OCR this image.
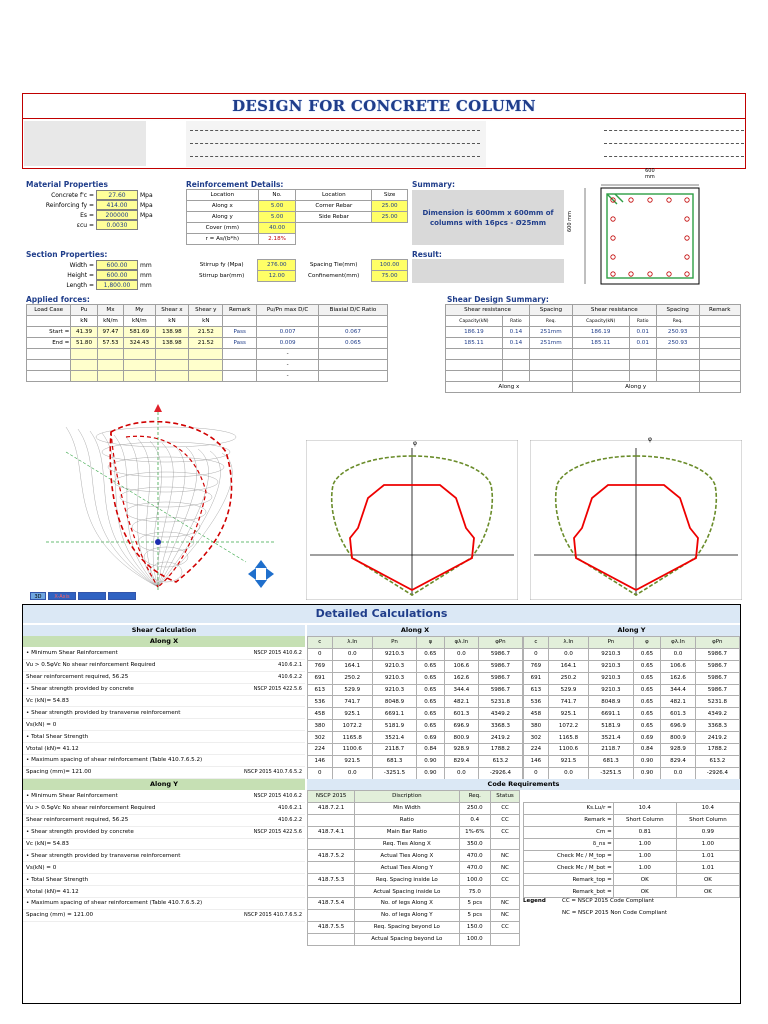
DESIGN FOR CONCRETE COLUMN
Material Properties
Concrete f'c =	27.60	Mpa
Reinforcing fy =	414.00	Mpa
Es =	200000	Mpa
εcu =	0.0030
Reinforcement Details:
Location	No.	Location	Size
Along x	5.00	Corner Rebar	25.00
Along y	5.00	Side Rebar	25.00
Cover (mm)	40.00		
r = As/(b*h)	2.18%		
Summary:
Dimension is 600mm x 600mm of columns with 16pcs - Ø25mm
600
mm
600 mm
Section Properties:
Width =	600.00	mm
Height =	600.00	mm
Length =	1,800.00	mm
Stirrup fy (Mpa)	276.00	Spacing Tie(mm)	100.00
Stirrup bar(mm)	12.00	Confinement(mm)	75.00
Result:
Applied forces:
Load Case	Pu	Mx	My	Shear x	Shear y	Remark	Pu/Pn max D/C	Biaxial D/C Ratio
	kN	kN/m	kN/m	kN	kN			
Start =	41.39	97.47	581.69	138.98	21.52	Pass	0.007	0.067
End =	51.80	57.53	324.43	138.98	21.52	Pass	0.009	0.065
							-	
							-	
							-	
Shear Design Summary:
Shear resistance		Spacing	Shear resistance		Spacing	Remark
Capacity(kN)	Ratio	Req.	Capacity(kN)	Ratio	Req.	
186.19	0.14	251mm	186.19	0.01	250.93	
185.11	0.14	251mm	185.11	0.01	250.93	

Along x			Along y			
3D	X-Axis
φ
φ
Detailed Calculations
Shear Calculation
Along X
• Minimum Shear Reinforcement	NSCP 2015 410.6.2
Vu > 0.5φVc No shear reinforcement Required	410.6.2.1
Shear reinforcement required, 56.25	410.6.2.2
• Shear strength provided by concrete	NSCP 2015 422.5.6
Vc (kN)= 54.83
• Shear strength provided by transverse reinforcement
Vs(kN) = 0
• Total Shear Strength
Vtotal (kN)= 41.12
• Maximum spacing of shear reinforcement (Table 410.7.6.5.2)
Spacing (mm)= 121.00	NSCP 2015 410.7.6.5.2
Along Y
• Minimum Shear Reinforcement	NSCP 2015 410.6.2
Vu > 0.5φVc No shear reinforcement Required	410.6.2.1
Shear reinforcement required, 56.25	410.6.2.2
• Shear strength provided by concrete	NSCP 2015 422.5.6
Vc (kN)= 54.83
• Shear strength provided by transverse reinforcement
Vs(kN) = 0
• Total Shear Strength
Vtotal (kN)= 41.12
• Maximum spacing of shear reinforcement (Table 410.7.6.5.2)
Spacing (mm) = 121.00	NSCP 2015 410.7.6.5.2
Along X	Along Y
c	λ.In	Pn	φ	φλ.In	φPn
0	0.0	9210.3	0.65	0.0	5986.7
769	164.1	9210.3	0.65	106.6	5986.7
691	250.2	9210.3	0.65	162.6	5986.7
613	529.9	9210.3	0.65	344.4	5986.7
536	741.7	8048.9	0.65	482.1	5231.8
458	925.1	6691.1	0.65	601.3	4349.2
380	1072.2	5181.9	0.65	696.9	3368.3
302	1165.8	3521.4	0.69	800.9	2419.2
224	1100.6	2118.7	0.84	928.9	1788.2
146	921.5	681.3	0.90	829.4	613.2
0	0.0	-3251.5	0.90	0.0	-2926.4
c	λ.In	Pn	φ	φλ.In	φPn
0	0.0	9210.3	0.65	0.0	5986.7
769	164.1	9210.3	0.65	106.6	5986.7
691	250.2	9210.3	0.65	162.6	5986.7
613	529.9	9210.3	0.65	344.4	5986.7
536	741.7	8048.9	0.65	482.1	5231.8
458	925.1	6691.1	0.65	601.3	4349.2
380	1072.2	5181.9	0.65	696.9	3368.3
302	1165.8	3521.4	0.69	800.9	2419.2
224	1100.6	2118.7	0.84	928.9	1788.2
146	921.5	681.3	0.90	829.4	613.2
0	0.0	-3251.5	0.90	0.0	-2926.4
Code Requirements
NSCP 2015	Discription	Req.	Status
418.7.2.1	Min Width	250.0	CC
	Ratio	0.4	CC
418.7.4.1	Main Bar Ratio	1%-6%	CC
	Req. Ties Along X	350.0	
418.7.5.2	Actual Ties Along X	470.0	NC
	Actual Ties Along Y	470.0	NC
418.7.5.3	Req. Spacing inside Lo	100.0	CC
	Actual Spacing inside Lo	75.0	
418.7.5.4	No. of legs Along X	5 pcs	NC
	No. of legs Along Y	5 pcs	NC
418.7.5.5	Req. Spacing beyond Lo	150.0	CC
	Actual Spacing beyond Lo	100.0	
Ks.Lu/r =	10.4	10.4
Remark =	Short Column	Short Column
Cm =	0.81	0.99
δ_ns =	1.00	1.00
Check Mc / M_top =	1.00	1.01
Check Mc / M_bot =	1.00	1.01
Remark_top =	OK	OK
Remark_bot =	OK	OK
Legend	CC = NSCP 2015 Code Compliant
NC = NSCP 2015 Non Code Compliant
